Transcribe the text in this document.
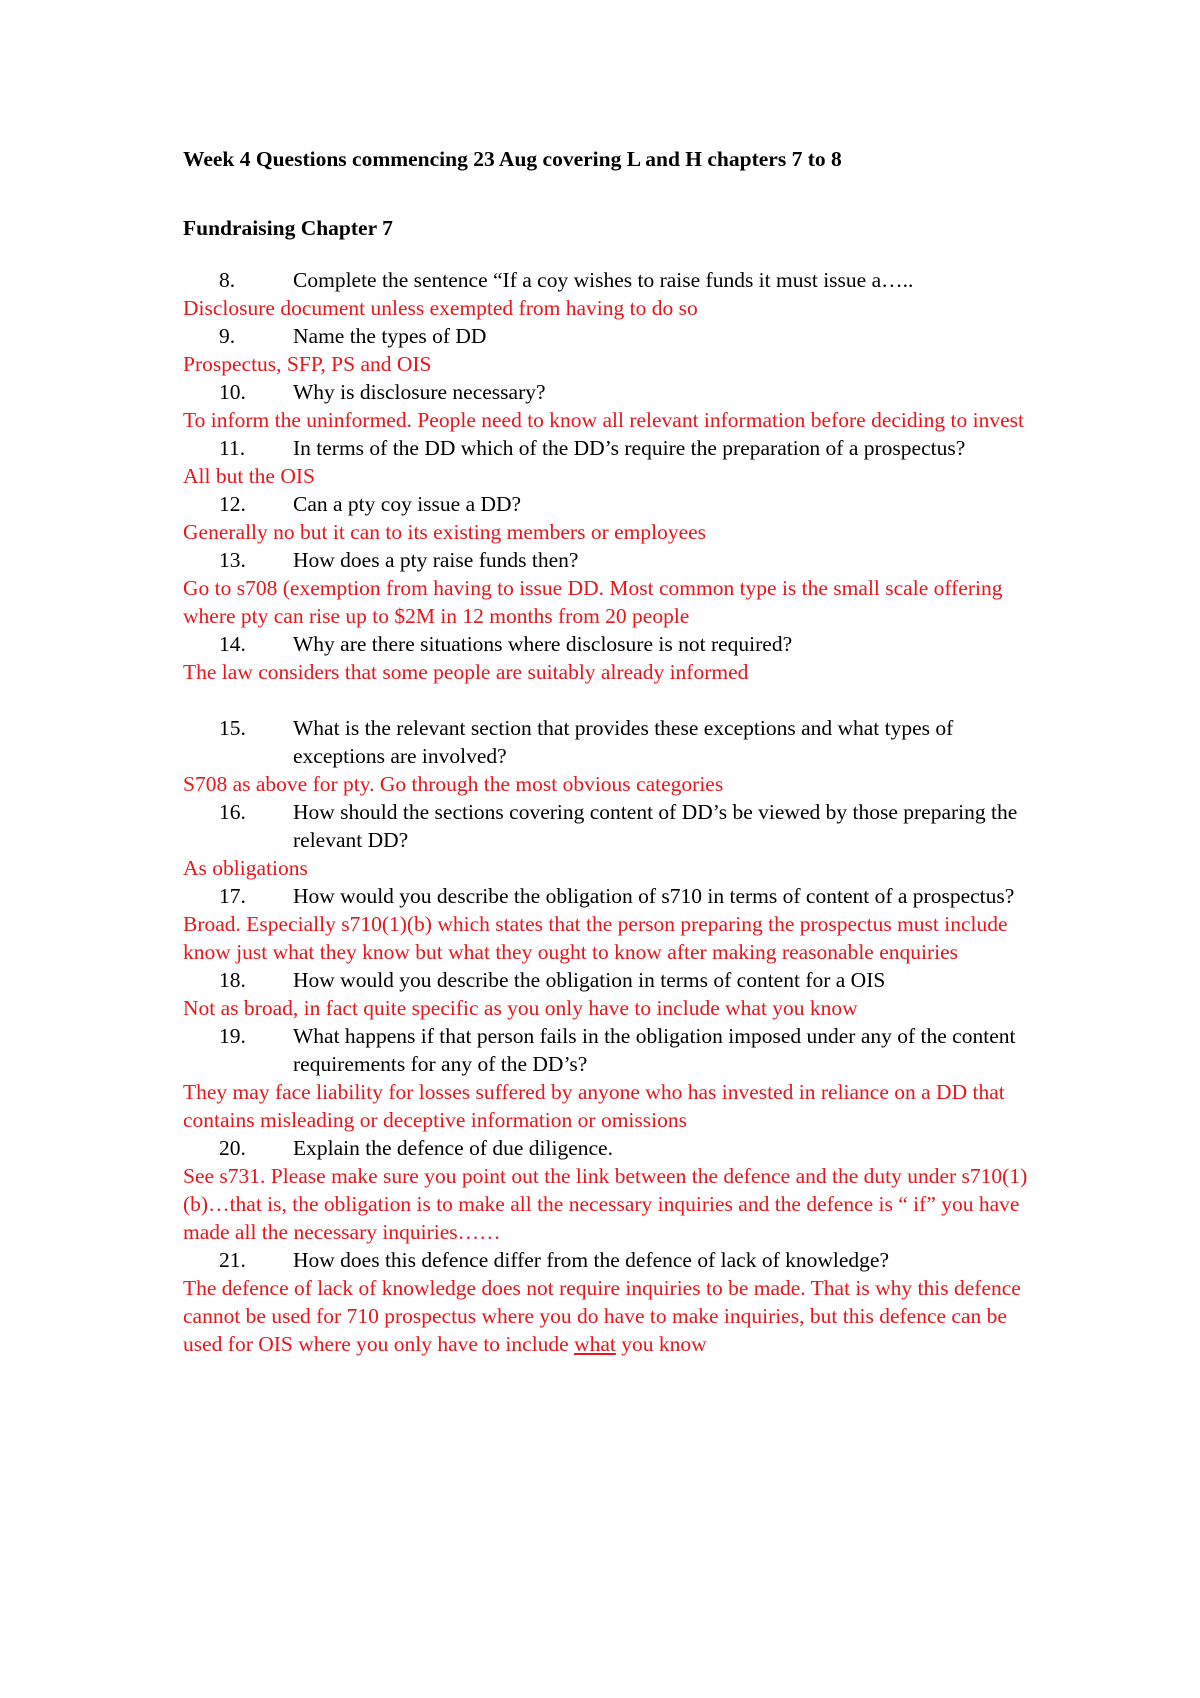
Week 4 Questions commencing 23 Aug covering L and H chapters 7 to 8

Fundraising Chapter 7

8.	Complete the sentence “If a coy wishes to raise funds it must issue a…..
Disclosure document unless exempted from having to do so
9.	Name the types of DD
Prospectus, SFP, PS and OIS
10.	Why is disclosure necessary?
To inform the uninformed. People need to know all relevant information before deciding to invest
11.	In terms of the DD which of the DD’s require the preparation of a prospectus?
All but the OIS
12.	Can a pty coy issue a DD?
Generally no but it can to its existing members or employees
13.	How does a pty raise funds then?
Go to s708 (exemption from having to issue DD. Most common type is the small scale offering where pty can rise up to $2M in 12 months from 20 people
14.	Why are there situations where disclosure is not required?
The law considers that some people are suitably already informed
15.	What is the relevant section that provides these exceptions and what types of exceptions are involved?
S708 as above for pty. Go through the most obvious categories
16.	How should the sections covering content of DD’s be viewed by those preparing the relevant DD?
As obligations
17.	How would you describe the obligation of s710 in terms of content of a prospectus?
Broad. Especially s710(1)(b) which states that the person preparing the prospectus must include know just what they know but what they ought to know after making reasonable enquiries
18.	How would you describe the obligation in terms of content for a OIS
Not as broad, in fact quite specific as you only have to include what you know
19.	What happens if that person fails in the obligation imposed under any of the content requirements for any of the DD’s?
They may face liability for losses suffered by anyone who has invested in reliance on a DD that contains misleading or deceptive information or omissions
20.	Explain the defence of due diligence.
See s731. Please make sure you point out the link between the defence and the duty under s710(1)(b)…that is, the obligation is to make all the necessary inquiries and the defence is “ if” you have made all the necessary inquiries……
21.	How does this defence differ from the defence of lack of knowledge?
The defence of lack of knowledge does not require inquiries to be made. That is why this defence cannot be used for 710 prospectus where you do have to make inquiries, but this defence can be used for OIS where you only have to include what you know
